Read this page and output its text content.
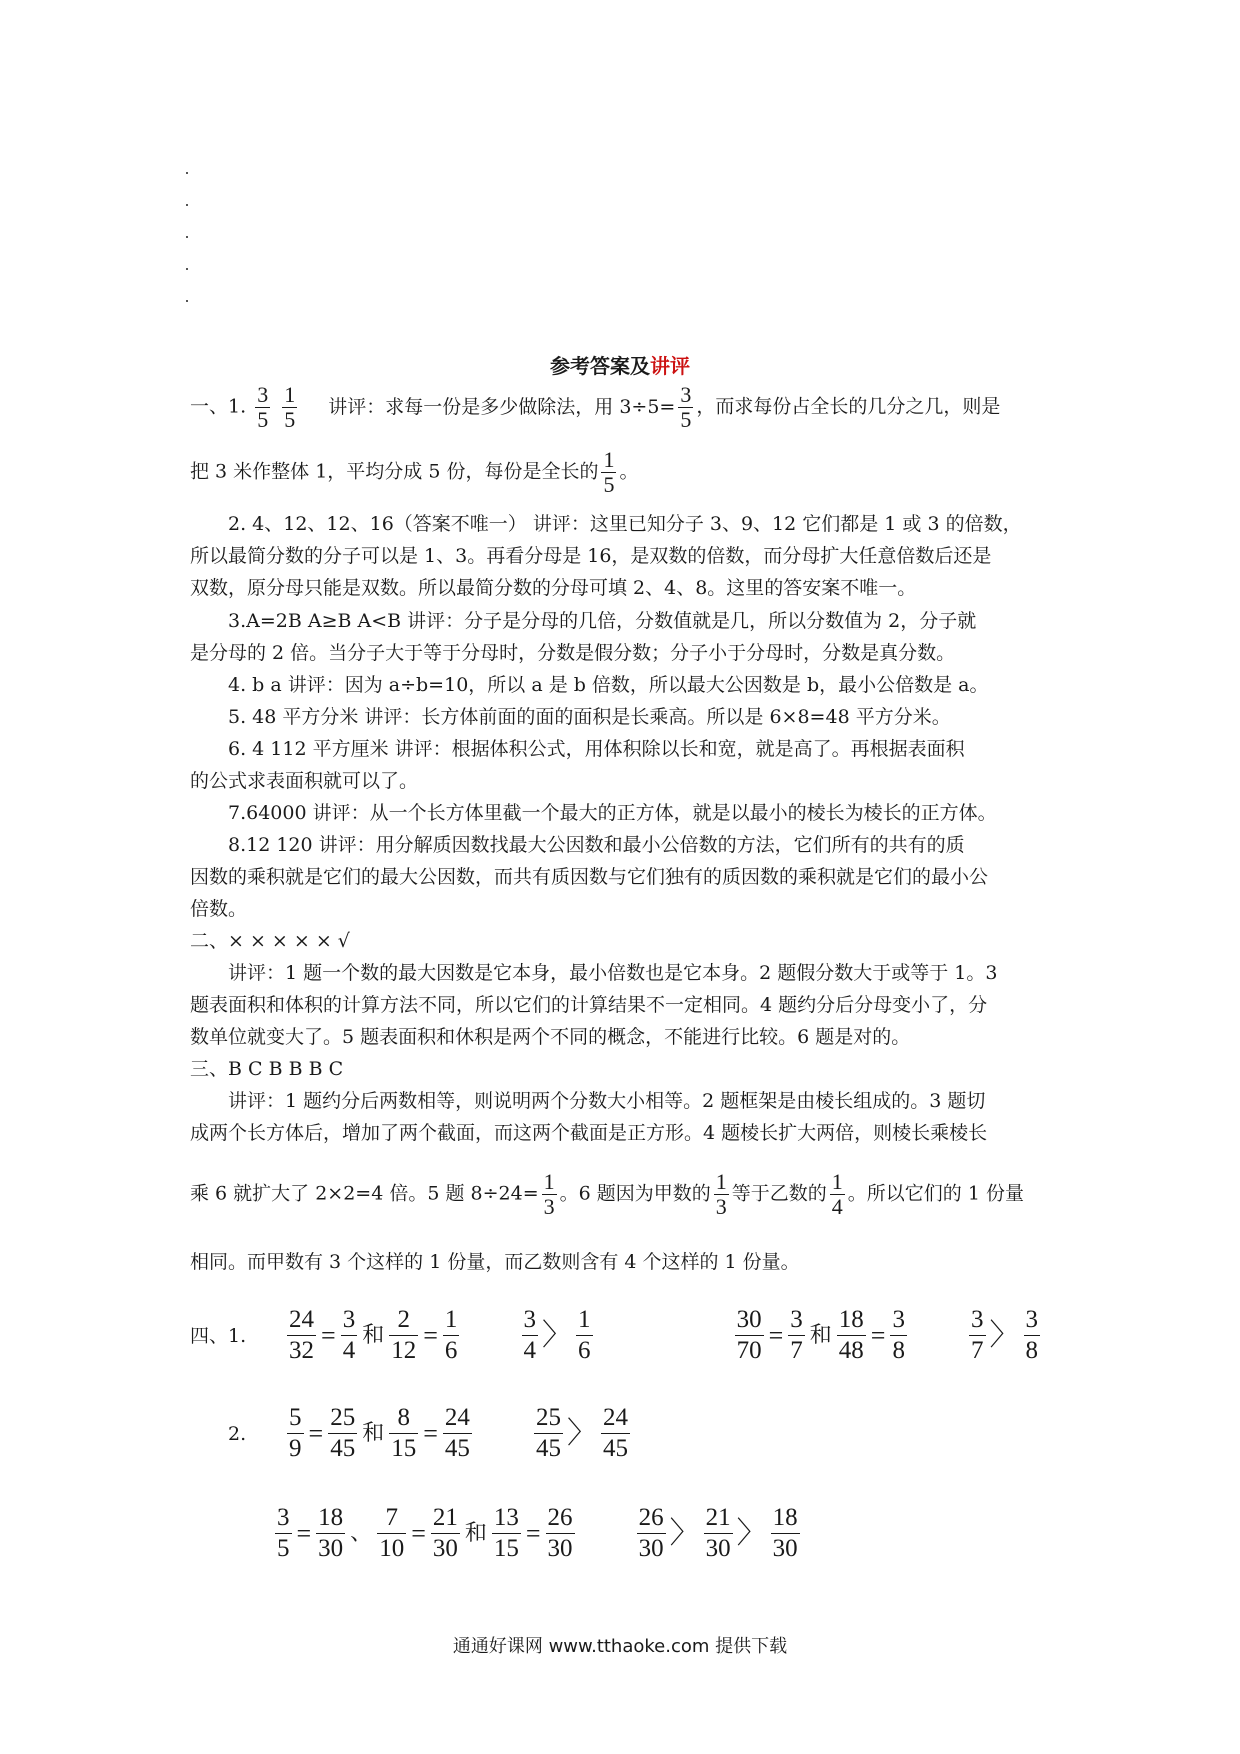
参考答案及讲评
一、1. $\frac{3}{5}$
$\frac{1}{5}$ 讲评：求每一份是多少做除法，用 $3\div 5= \frac{3}{5}$ ，而求每份占全长的几分之几，则是
把 3 米作整体 1，平均分成 5 份，每份是全长的 $\frac{1}{5}$ 。
2. 4、12、12、16（答案不唯一） 讲评：这里已知分子 3、9、12 它们都是 1 或 3 的倍数，
所以最简分数的分子可以是 1、3。再看分母是 16，是双数的倍数，而分母扩大任意倍数后还是
双数，原分母只能是双数。所以最简分数的分母可填 2、4、8。这里的答安案不唯一。
3.A=2B A≥B A<B 讲评：分子是分母的几倍，分数值就是几，所以分数值为 2，分子就
是分母的 2 倍。当分子大于等于分母时，分数是假分数；分子小于分母时，分数是真分数。
4. b a 讲评：因为 a÷b=10，所以 a 是 b 倍数，所以最大公因数是 b，最小公倍数是 a。
5. 48 平方分米 讲评：长方体前面的面的面积是长乘高。所以是 6×8=48 平方分米。
6. 4 112 平方厘米 讲评：根据体积公式，用体积除以长和宽，就是高了。再根据表面积
的公式求表面积就可以了。
7.64000 讲评：从一个长方体里截一个最大的正方体，就是以最小的棱长为棱长的正方体。
8.12 120 讲评：用分解质因数找最大公因数和最小公倍数的方法，它们所有的共有的质
因数的乘积就是它们的最大公因数，而共有质因数与它们独有的质因数的乘积就是它们的最小公
倍数。
二、× × × × × √
讲评：1 题一个数的最大因数是它本身，最小倍数也是它本身。2 题假分数大于或等于 1。3
题表面积和体积的计算方法不同，所以它们的计算结果不一定相同。4 题约分后分母变小了，分
数单位就变大了。5 题表面积和休积是两个不同的概念，不能进行比较。6 题是对的。
三、B C B B B C
讲评：1 题约分后两数相等，则说明两个分数大小相等。2 题框架是由棱长组成的。3 题切
成两个长方体后，增加了两个截面，而这两个截面是正方形。4 题棱长扩大两倍，则棱长乘棱长
乘 6 就扩大了 2×2=4 倍。5 题 $8\div 24= \frac{1}{3}$ 。6 题因为甲数的 $\frac{1}{3}$ 等于乙数的 $\frac{1}{4}$ 。所以它们的 1 份量
相同。而甲数有 3 个这样的 1 份量，而乙数则含有 4 个这样的 1 份量。
四、1. $\frac{24}{32} = \frac{3}{4}$ 和 $\frac{2}{12} = \frac{1}{6}$
$\frac{3}{4}$ 〉 $\frac{1}{6}$
	$\frac{30}{70} = \frac{3}{7}$ 和 $\frac{18}{48} = \frac{3}{8}$
$\frac{3}{7}$ 〉 $\frac{3}{8}$
2. $\frac{5}{9} = \frac{25}{45}$ 和 $\frac{8}{15} = \frac{24}{45}$
$\frac{25}{45}$ 〉 $\frac{24}{45}$
$\frac{3}{5} = \frac{18}{30}$ 、 $\frac{7}{10} = \frac{21}{30}$ 和 $\frac{13}{15} = \frac{26}{30}$
$\frac{26}{30}$ 〉 $\frac{21}{30}$ 〉 $\frac{18}{30}$
通通好课网 www.tthaoke.com 提供下载
